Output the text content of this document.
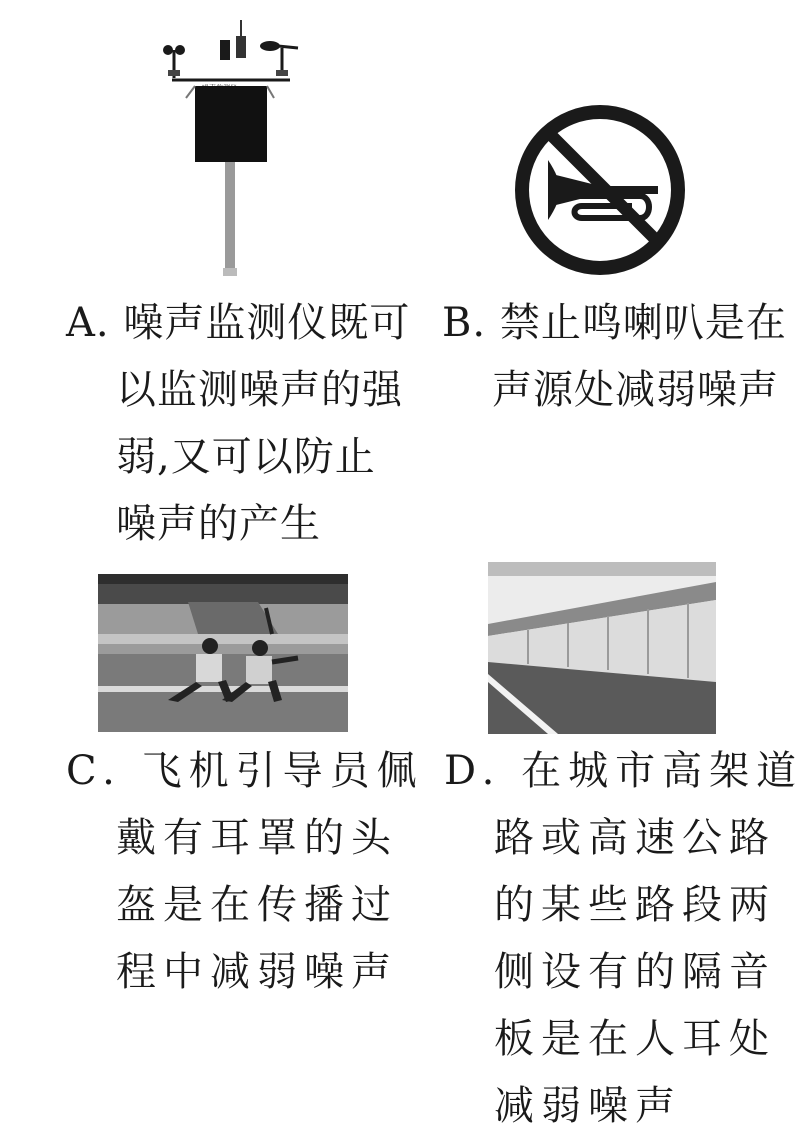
A. 噪声监测仪既可
以监测噪声的强
弱,又可以防止
噪声的产生
B. 禁止鸣喇叭是在
声源处减弱噪声
C. 飞机引导员佩
戴有耳罩的头
盔是在传播过
程中减弱噪声
D. 在城市高架道
路或高速公路
的某些路段两
侧设有的隔音
板是在人耳处
减弱噪声
